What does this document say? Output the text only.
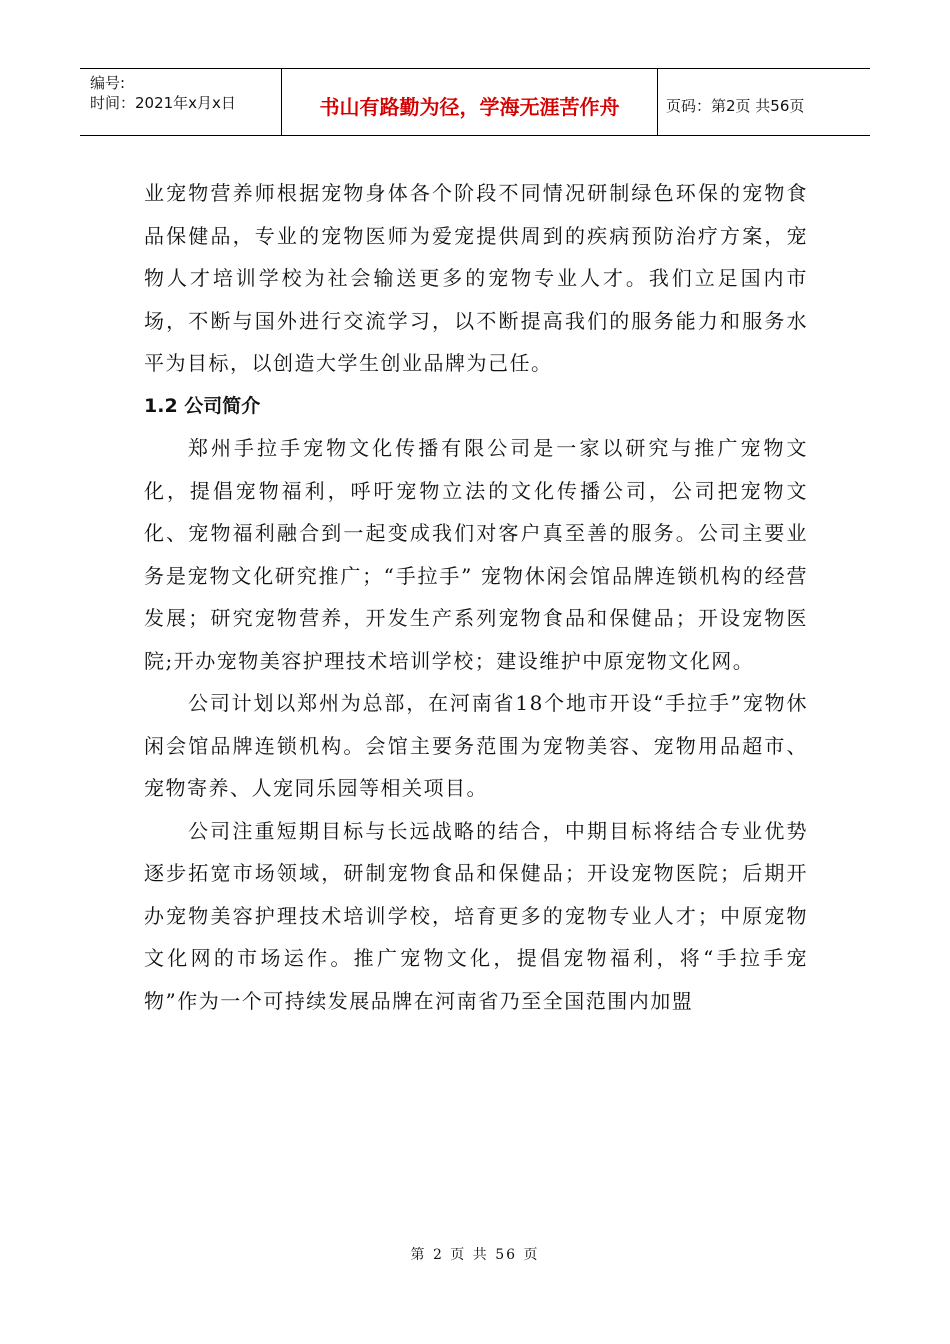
编号:
时间：2021年x月x日	书山有路勤为径，学海无涯苦作舟	页码：第2页 共56页

业宠物营养师根据宠物身体各个阶段不同情况研制绿色环保的宠物食品保健品，专业的宠物医师为爱宠提供周到的疾病预防治疗方案，宠物人才培训学校为社会输送更多的宠物专业人才。我们立足国内市场，不断与国外进行交流学习，以不断提高我们的服务能力和服务水平为目标，以创造大学生创业品牌为己任。

1.2 公司简介

郑州手拉手宠物文化传播有限公司是一家以研究与推广宠物文化，提倡宠物福利，呼吁宠物立法的文化传播公司，公司把宠物文化、宠物福利融合到一起变成我们对客户真至善的服务。公司主要业务是宠物文化研究推广；“手拉手” 宠物休闲会馆品牌连锁机构的经营发展；研究宠物营养，开发生产系列宠物食品和保健品；开设宠物医院;开办宠物美容护理技术培训学校；建设维护中原宠物文化网。

公司计划以郑州为总部，在河南省18个地市开设“手拉手”宠物休闲会馆品牌连锁机构。会馆主要务范围为宠物美容、宠物用品超市、宠物寄养、人宠同乐园等相关项目。

公司注重短期目标与长远战略的结合，中期目标将结合专业优势逐步拓宽市场领域，研制宠物食品和保健品；开设宠物医院；后期开办宠物美容护理技术培训学校，培育更多的宠物专业人才；中原宠物文化网的市场运作。推广宠物文化，提倡宠物福利，将“手拉手宠物”作为一个可持续发展品牌在河南省乃至全国范围内加盟

第 2 页 共 56 页
